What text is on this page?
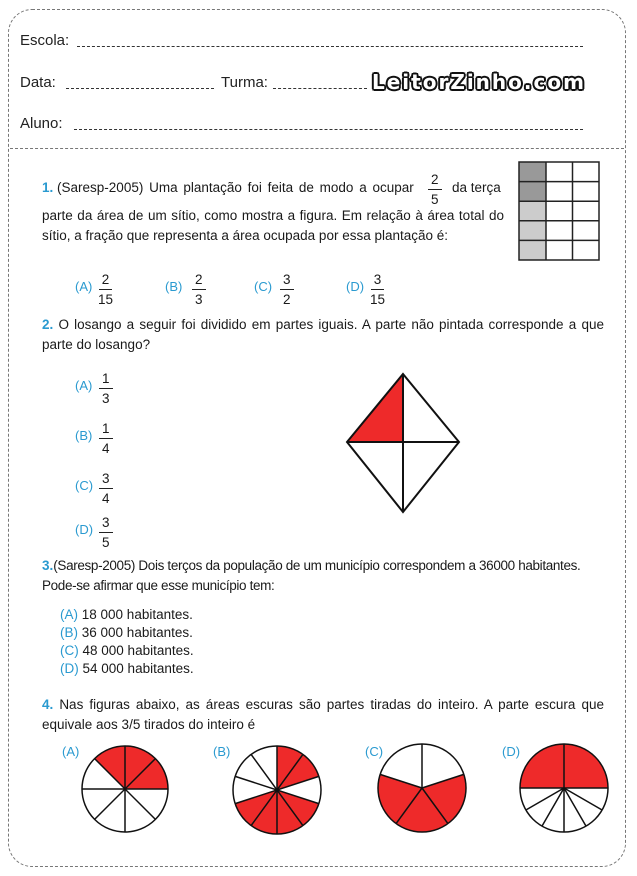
Escola:
Data:	Turma:	LeitorZinho.com
Aluno:
1. (Saresp-2005) Uma plantação foi feita de modo a ocupar $\frac{2}{5}$ da terça
parte da área de um sítio, como mostra a figura. Em relação à área total do sítio, a fração que representa a área ocupada por essa plantação é:
$(A) \frac{2}{15}$	$(B) \frac{2}{3}$	$(C) \frac{3}{2}$	$(D) \frac{3}{15}$
2. O losango a seguir foi dividido em partes iguais. A parte não pintada corresponde a que parte do losango?
$(A) \frac{1}{3}$
$(B) \frac{1}{4}$
$(C) \frac{3}{4}$
$(D) \frac{3}{5}$
3.(Saresp-2005) Dois terços da população de um município correspondem a 36000 habitantes. Pode-se afirmar que esse município tem:
(A) 18 000 habitantes.
(B) 36 000 habitantes.
(C) 48 000 habitantes.
(D) 54 000 habitantes.
4. Nas figuras abaixo, as áreas escuras são partes tiradas do inteiro. A parte escura que equivale aos 3/5 tirados do inteiro é
(A)	(B)	(C)	(D)
